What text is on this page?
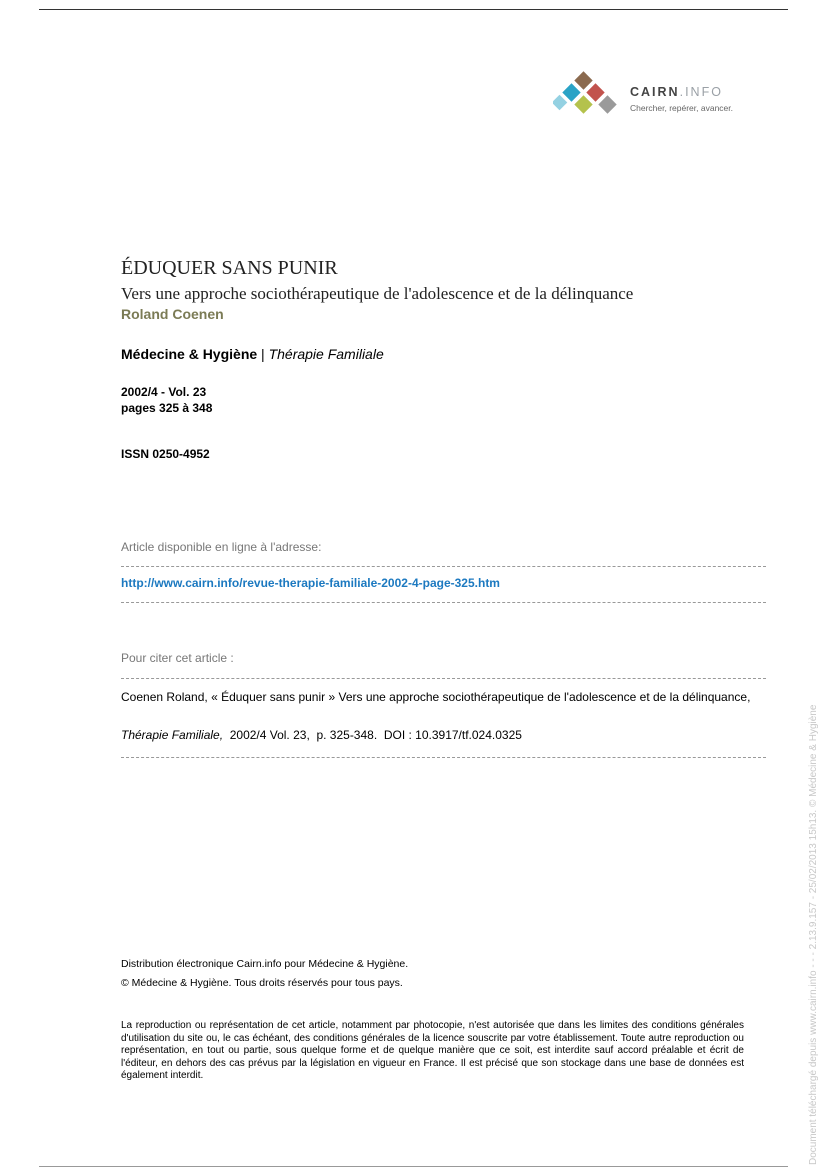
CAIRN.INFO
Chercher, repérer, avancer.
ÉDUQUER SANS PUNIR
Vers une approche sociothérapeutique de l'adolescence et de la délinquance
Roland Coenen
Médecine & Hygiène | Thérapie Familiale
2002/4 - Vol. 23
pages 325 à 348
ISSN 0250-4952
Article disponible en ligne à l'adresse:
http://www.cairn.info/revue-therapie-familiale-2002-4-page-325.htm
Pour citer cet article :
Coenen Roland, « Éduquer sans punir » Vers une approche sociothérapeutique de l'adolescence et de la délinquance,
Thérapie Familiale,  2002/4 Vol. 23,  p. 325-348.  DOI : 10.3917/tf.024.0325
Distribution électronique Cairn.info pour Médecine & Hygiène.
© Médecine & Hygiène. Tous droits réservés pour tous pays.
La reproduction ou représentation de cet article, notamment par photocopie, n'est autorisée que dans les limites des conditions générales d'utilisation du site ou, le cas échéant, des conditions générales de la licence souscrite par votre établissement. Toute autre reproduction ou représentation, en tout ou partie, sous quelque forme et de quelque manière que ce soit, est interdite sauf accord préalable et écrit de l'éditeur, en dehors des cas prévus par la législation en vigueur en France. Il est précisé que son stockage dans une base de données est également interdit.	Document téléchargé depuis www.cairn.info - - - 2.13.9.157 - 25/02/2013 15h13. © Médecine & Hygiène
